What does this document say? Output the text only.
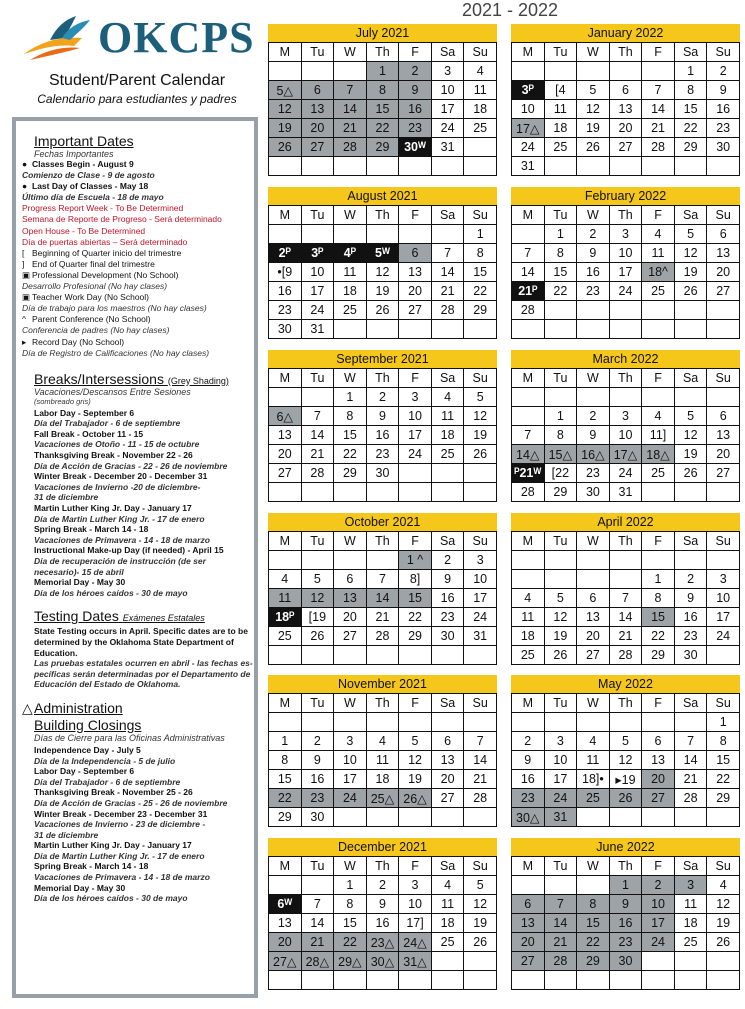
OKCPS
Student/Parent Calendar
Calendario para estudiantes y padres
2021 - 2022
Important Dates
Fechas Importantes
● Classes Begin - August 9
Comienzo de Clase - 9 de agosto
● Last Day of Classes - May 18
Último día de Escuela - 18 de mayo
Progress Report Week - To Be Determined
Semana de Reporte de Progreso - Será determinado
Open House - To Be Determined
Día de puertas abiertas – Será determinado
[ Beginning of Quarter inicio del trimestre
] End of Quarter final del trimestre
▣ Professional Development (No School)
Desarrollo Profesional (No hay clases)
▣ Teacher Work Day (No School)
Día de trabajo para los maestros (No hay clases)
^ Parent Conference (No School)
Conferencia de padres (No hay clases)
▸ Record Day (No School)
Día de Registro de Calificaciones (No hay clases)
Breaks/Intersessions (Grey Shading)
Vacaciones/Descansos Entre Sesiones
(sombreado gris)
Labor Day - September 6
Día del Trabajador - 6 de septiembre
Fall Break - October 11 - 15
Vacaciones de Otoño - 11 - 15 de octubre
Thanksgiving Break - November 22 - 26
Día de Acción de Gracias - 22 - 26 de noviembre
Winter Break - December 20 - December 31
Vacaciones de Invierno -20 de diciembre-
31 de diciembre
Martin Luther King Jr. Day - January 17
Día de Martin Luther King Jr. - 17 de enero
Spring Break - March 14 - 18
Vacaciones de Primavera - 14 - 18 de marzo
Instructional Make-up Day (if needed) - April 15
Día de recuperación de instrucción (de ser
necesario)- 15 de abril
Memorial Day - May 30
Día de los héroes caídos - 30 de mayo
Testing Dates Exámenes Estatales
State Testing occurs in April. Specific dates are to be
determined by the Oklahoma State Department of
Education.
Las pruebas estatales ocurren en abril - las fechas es-
pecíficas serán determinadas por el Departamento de
Educación del Estado de Oklahoma.
△Administration
Building Closings
Días de Cierre para las Oficinas Administrativas
Independence Day - July 5
Día de la Independencia - 5 de julio
Labor Day - September 6
Día del Trabajador - 6 de septiembre
Thanksgiving Break - November 25 - 26
Día de Acción de Gracias - 25 - 26 de noviembre
Winter Break - December 23 - December 31
Vacaciones de Invierno - 23 de diciembre -
31 de diciembre
Martin Luther King Jr. Day - January 17
Día de Martin Luther King Jr. - 17 de enero
Spring Break - March 14 - 18
Vacaciones de Primavera - 14 - 18 de marzo
Memorial Day - May 30
Día de los héroes caídos - 30 de mayo
July 2021
M	Tu	W	Th	F	Sa	Su
			1	2	3	4
5△	6	7	8	9	10	11
12	13	14	15	16	17	18
19	20	21	22	23	24	25
26	27	28	29	30ᵂ	31	

January 2022
M	Tu	W	Th	F	Sa	Su
					1	2
3ᴾ	[4	5	6	7	8	9
10	11	12	13	14	15	16
17△	18	19	20	21	22	23
24	25	26	27	28	29	30
31						
August 2021
M	Tu	W	Th	F	Sa	Su
						1
2ᴾ	3ᴾ	4ᴾ	5ᵂ	6	7	8
•[9	10	11	12	13	14	15
16	17	18	19	20	21	22
23	24	25	26	27	28	29
30	31					
February 2022
M	Tu	W	Th	F	Sa	Su
	1	2	3	4	5	6
7	8	9	10	11	12	13
14	15	16	17	18^	19	20
21ᴾ	22	23	24	25	26	27
28						

September 2021
M	Tu	W	Th	F	Sa	Su
		1	2	3	4	5
6△	7	8	9	10	11	12
13	14	15	16	17	18	19
20	21	22	23	24	25	26
27	28	29	30			

March 2022
M	Tu	W	Th	F	Sa	Su

	1	2	3	4	5	6
7	8	9	10	11]	12	13
14△	15△	16△	17△	18△	19	20
ᴾ21ᵂ	[22	23	24	25	26	27
28	29	30	31			
October 2021
M	Tu	W	Th	F	Sa	Su
				1 ^	2	3
4	5	6	7	8]	9	10
11	12	13	14	15	16	17
18ᴾ	[19	20	21	22	23	24
25	26	27	28	29	30	31

April 2022
M	Tu	W	Th	F	Sa	Su

				1	2	3
4	5	6	7	8	9	10
11	12	13	14	15	16	17
18	19	20	21	22	23	24
25	26	27	28	29	30	
November 2021
M	Tu	W	Th	F	Sa	Su

1	2	3	4	5	6	7
8	9	10	11	12	13	14
15	16	17	18	19	20	21
22	23	24	25△	26△	27	28
29	30					
May 2022
M	Tu	W	Th	F	Sa	Su
						1
2	3	4	5	6	7	8
9	10	11	12	13	14	15
16	17	18]•	▸19	20	21	22
23	24	25	26	27	28	29
30△	31					
December 2021
M	Tu	W	Th	F	Sa	Su
		1	2	3	4	5
6ᵂ	7	8	9	10	11	12
13	14	15	16	17]	18	19
20	21	22	23△	24△	25	26
27△	28△	29△	30△	31△		

June 2022
M	Tu	W	Th	F	Sa	Su
			1	2	3	4
6	7	8	9	10	11	12
13	14	15	16	17	18	19
20	21	22	23	24	25	26
27	28	29	30			
